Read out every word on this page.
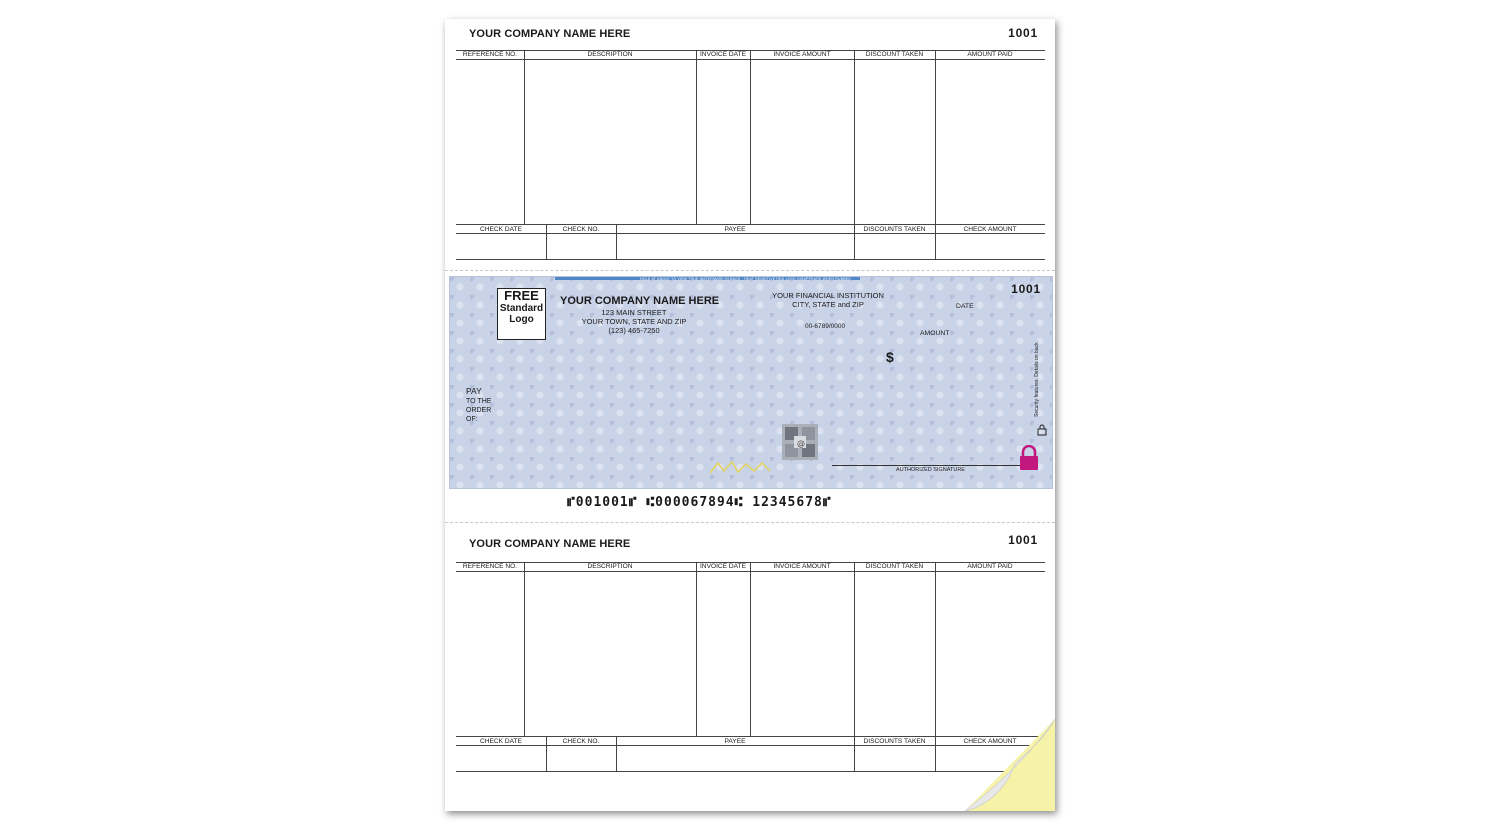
YOUR COMPANY NAME HERE	1001
REFERENCE NO.	DESCRIPTION	INVOICE DATE	INVOICE AMOUNT	DISCOUNT TAKEN	AMOUNT PAID
CHECK DATE	CHECK NO.	PAYEE	DISCOUNTS TAKEN	CHECK AMOUNT
HOLD AT ANGLE TO VIEW TRUE WATERMARK IN BACK · HEAT SENSITIVE RED LOCK DISAPPEARS WHEN RUBBED
FREE
Standard
Logo
YOUR COMPANY NAME HERE
123 MAIN STREET
YOUR TOWN, STATE AND ZIP
(123) 465-7250
YOUR FINANCIAL INSTITUTION
CITY, STATE and ZIP
00-6789/0000
1001
DATE
AMOUNT
$
PAY
TO THE
ORDER
OF:
@
AUTHORIZED SIGNATURE
Security features. Details on back.
⑈001001⑈ ⑆000067894⑆ 12345678⑈
YOUR COMPANY NAME HERE	1001
REFERENCE NO.	DESCRIPTION	INVOICE DATE	INVOICE AMOUNT	DISCOUNT TAKEN	AMOUNT PAID
CHECK DATE	CHECK NO.	PAYEE	DISCOUNTS TAKEN	CHECK AMOUNT
